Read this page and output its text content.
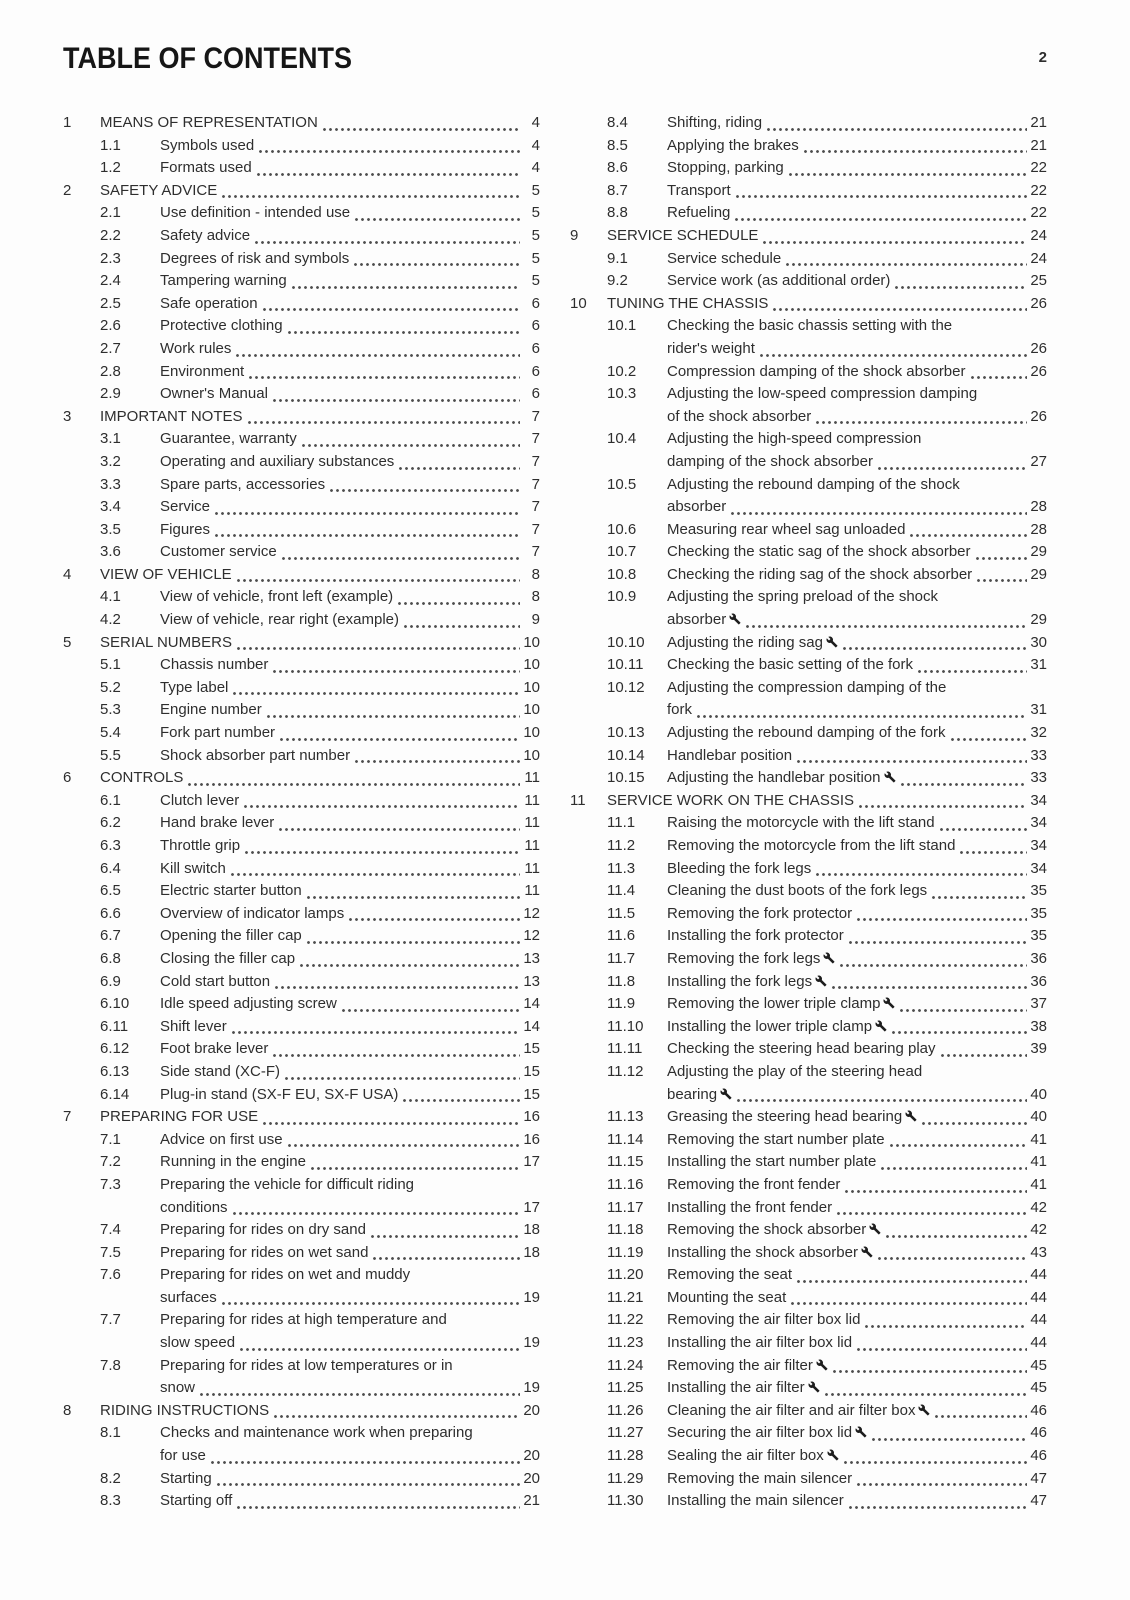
TABLE OF CONTENTS	2
1	MEANS OF REPRESENTATION	4
1.1	Symbols used	4
1.2	Formats used	4
2	SAFETY ADVICE	5
2.1	Use definition - intended use	5
2.2	Safety advice	5
2.3	Degrees of risk and symbols	5
2.4	Tampering warning	5
2.5	Safe operation	6
2.6	Protective clothing	6
2.7	Work rules	6
2.8	Environment	6
2.9	Owner's Manual	6
3	IMPORTANT NOTES	7
3.1	Guarantee, warranty	7
3.2	Operating and auxiliary substances	7
3.3	Spare parts, accessories	7
3.4	Service	7
3.5	Figures	7
3.6	Customer service	7
4	VIEW OF VEHICLE	8
4.1	View of vehicle, front left (example)	8
4.2	View of vehicle, rear right (example)	9
5	SERIAL NUMBERS	10
5.1	Chassis number	10
5.2	Type label	10
5.3	Engine number	10
5.4	Fork part number	10
5.5	Shock absorber part number	10
6	CONTROLS	11
6.1	Clutch lever	11
6.2	Hand brake lever	11
6.3	Throttle grip	11
6.4	Kill switch	11
6.5	Electric starter button	11
6.6	Overview of indicator lamps	12
6.7	Opening the filler cap	12
6.8	Closing the filler cap	13
6.9	Cold start button	13
6.10	Idle speed adjusting screw	14
6.11	Shift lever	14
6.12	Foot brake lever	15
6.13	Side stand (XC-F)	15
6.14	Plug-in stand (SX-F EU, SX-F USA)	15
7	PREPARING FOR USE	16
7.1	Advice on first use	16
7.2	Running in the engine	17
7.3	Preparing the vehicle for difficult riding
conditions	17
7.4	Preparing for rides on dry sand	18
7.5	Preparing for rides on wet sand	18
7.6	Preparing for rides on wet and muddy
surfaces	19
7.7	Preparing for rides at high temperature and
slow speed	19
7.8	Preparing for rides at low temperatures or in
snow	19
8	RIDING INSTRUCTIONS	20
8.1	Checks and maintenance work when preparing
for use	20
8.2	Starting	20
8.3	Starting off	21
8.4	Shifting, riding	21
8.5	Applying the brakes	21
8.6	Stopping, parking	22
8.7	Transport	22
8.8	Refueling	22
9	SERVICE SCHEDULE	24
9.1	Service schedule	24
9.2	Service work (as additional order)	25
10	TUNING THE CHASSIS	26
10.1	Checking the basic chassis setting with the
rider's weight	26
10.2	Compression damping of the shock absorber	26
10.3	Adjusting the low-speed compression damping
of the shock absorber	26
10.4	Adjusting the high-speed compression
damping of the shock absorber	27
10.5	Adjusting the rebound damping of the shock
absorber	28
10.6	Measuring rear wheel sag unloaded	28
10.7	Checking the static sag of the shock absorber	29
10.8	Checking the riding sag of the shock absorber	29
10.9	Adjusting the spring preload of the shock
absorber	29
10.10	Adjusting the riding sag	30
10.11	Checking the basic setting of the fork	31
10.12	Adjusting the compression damping of the
fork	31
10.13	Adjusting the rebound damping of the fork	32
10.14	Handlebar position	33
10.15	Adjusting the handlebar position	33
11	SERVICE WORK ON THE CHASSIS	34
11.1	Raising the motorcycle with the lift stand	34
11.2	Removing the motorcycle from the lift stand	34
11.3	Bleeding the fork legs	34
11.4	Cleaning the dust boots of the fork legs	35
11.5	Removing the fork protector	35
11.6	Installing the fork protector	35
11.7	Removing the fork legs	36
11.8	Installing the fork legs	36
11.9	Removing the lower triple clamp	37
11.10	Installing the lower triple clamp	38
11.11	Checking the steering head bearing play	39
11.12	Adjusting the play of the steering head
bearing	40
11.13	Greasing the steering head bearing	40
11.14	Removing the start number plate	41
11.15	Installing the start number plate	41
11.16	Removing the front fender	41
11.17	Installing the front fender	42
11.18	Removing the shock absorber	42
11.19	Installing the shock absorber	43
11.20	Removing the seat	44
11.21	Mounting the seat	44
11.22	Removing the air filter box lid	44
11.23	Installing the air filter box lid	44
11.24	Removing the air filter	45
11.25	Installing the air filter	45
11.26	Cleaning the air filter and air filter box	46
11.27	Securing the air filter box lid	46
11.28	Sealing the air filter box	46
11.29	Removing the main silencer	47
11.30	Installing the main silencer	47
